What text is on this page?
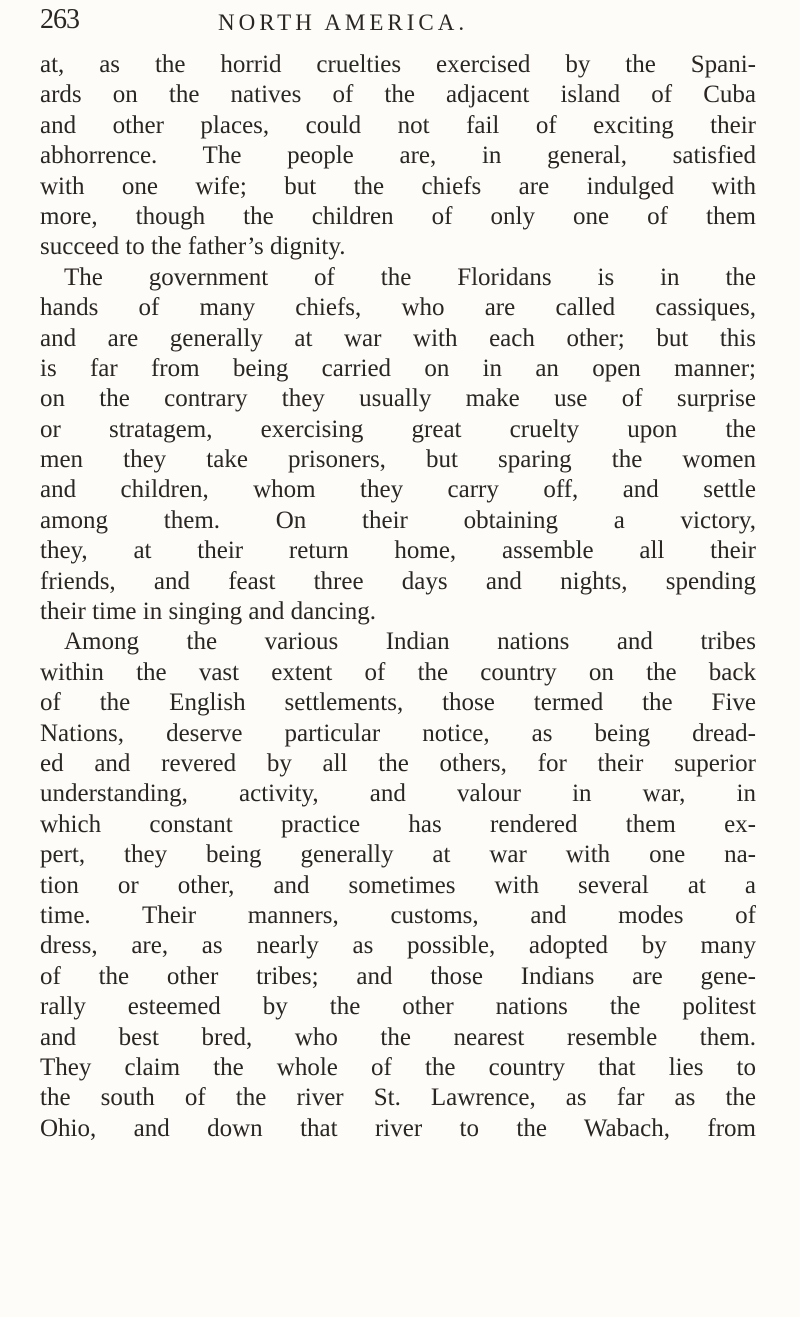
263	NORTH AMERICA.
at, as the horrid cruelties exercised by the Spani-
ards on the natives of the adjacent island of Cuba
and other places, could not fail of exciting their
abhorrence. The people are, in general, satisfied
with one wife; but the chiefs are indulged with
more, though the children of only one of them
succeed to the father’s dignity.
The government of the Floridans is in the
hands of many chiefs, who are called cassiques,
and are generally at war with each other; but this
is far from being carried on in an open manner;
on the contrary they usually make use of surprise
or stratagem, exercising great cruelty upon the
men they take prisoners, but sparing the women
and children, whom they carry off, and settle
among them. On their obtaining a victory,
they, at their return home, assemble all their
friends, and feast three days and nights, spending
their time in singing and dancing.
Among the various Indian nations and tribes
within the vast extent of the country on the back
of the English settlements, those termed the Five
Nations, deserve particular notice, as being dread-
ed and revered by all the others, for their superior
understanding, activity, and valour in war, in
which constant practice has rendered them ex-
pert, they being generally at war with one na-
tion or other, and sometimes with several at a
time. Their manners, customs, and modes of
dress, are, as nearly as possible, adopted by many
of the other tribes; and those Indians are gene-
rally esteemed by the other nations the politest
and best bred, who the nearest resemble them.
They claim the whole of the country that lies to
the south of the river St. Lawrence, as far as the
Ohio, and down that river to the Wabach, from
